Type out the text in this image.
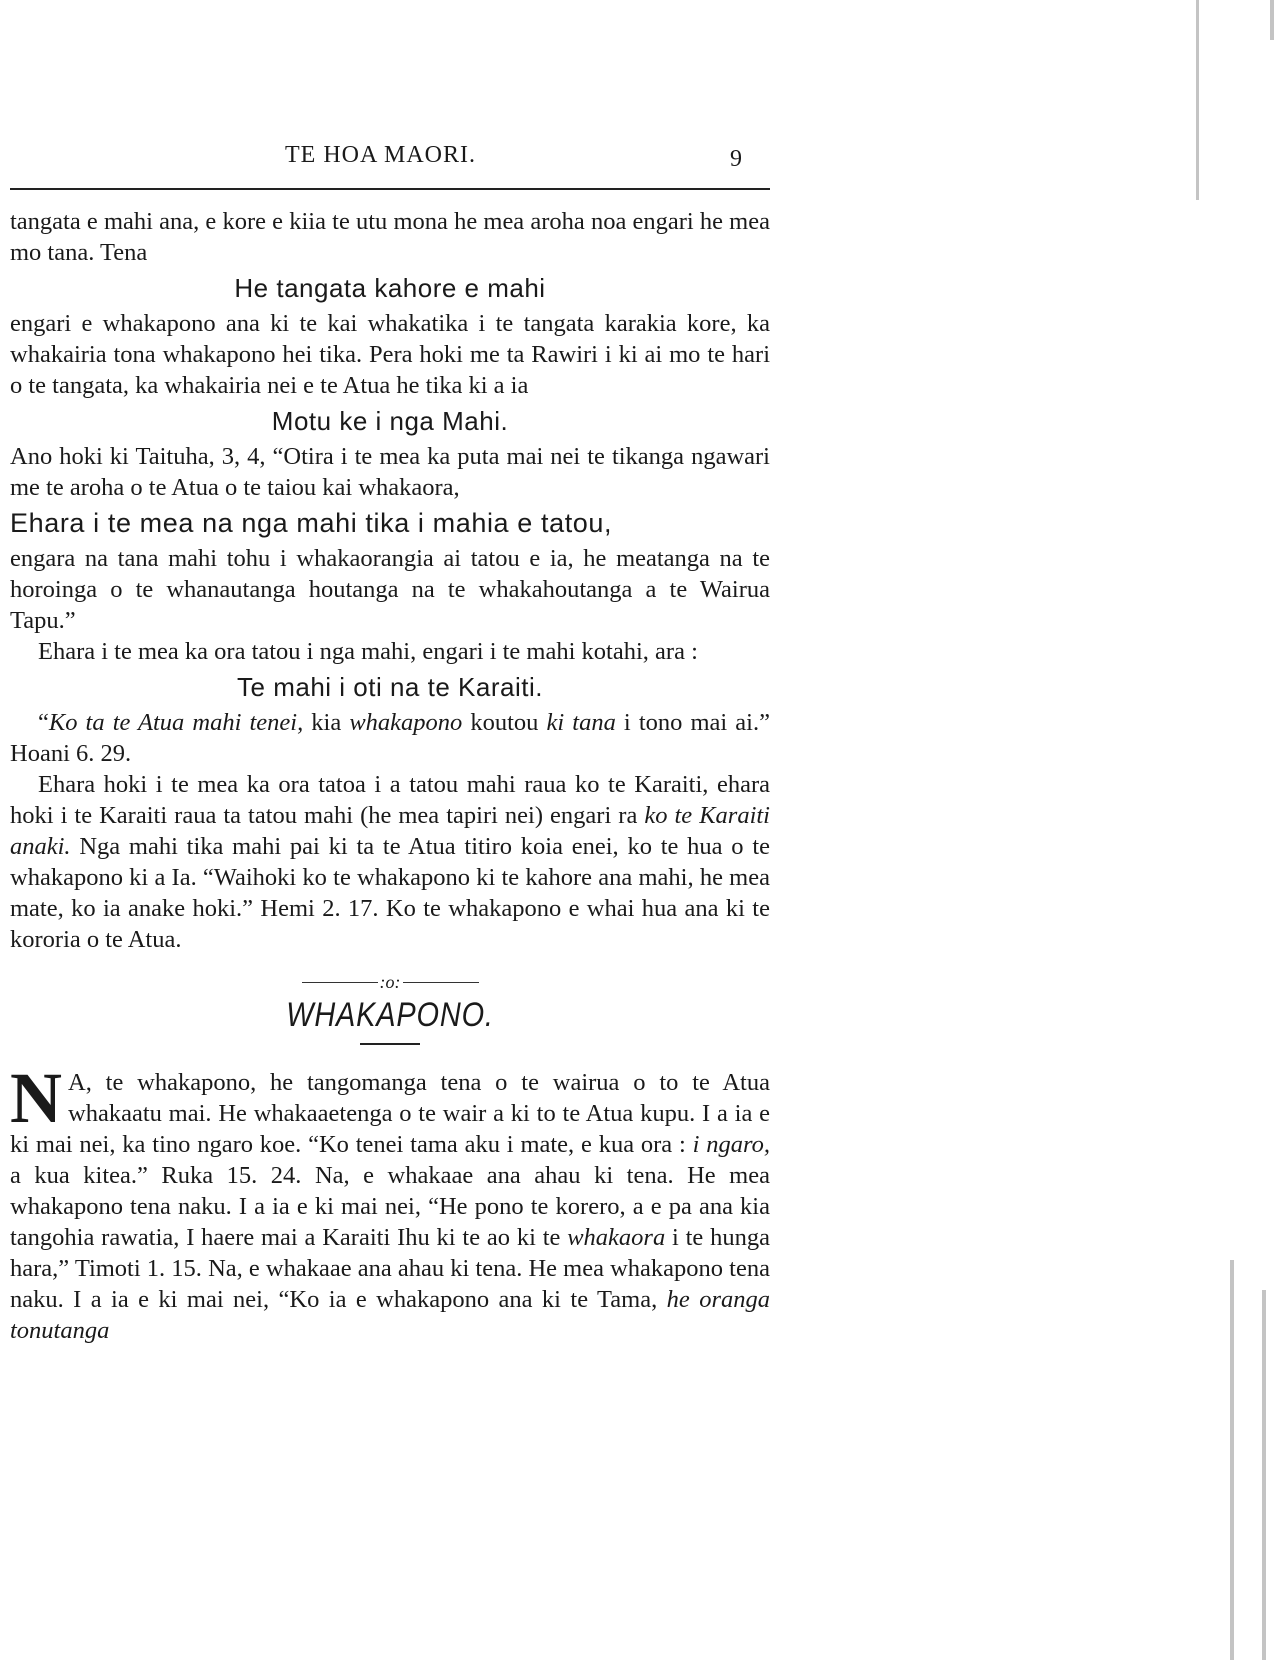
TE HOA MAORI.	9

tangata e mahi ana, e kore e kiia te utu mona he mea aroha noa engari he mea mo tana. Tena

He tangata kahore e mahi

engari e whakapono ana ki te kai whakatika i te tangata karakia kore, ka whakairia tona whakapono hei tika. Pera hoki me ta Rawiri i ki ai mo te hari o te tangata, ka whakairia nei e te Atua he tika ki a ia

Motu ke i nga Mahi.

Ano hoki ki Taituha, 3, 4, “Otira i te mea ka puta mai nei te tikanga ngawari me te aroha o te Atua o te taiou kai whakaora,

Ehara i te mea na nga mahi tika i mahia e tatou,

engara na tana mahi tohu i whakaorangia ai tatou e ia, he meatanga na te horoinga o te whanautanga houtanga na te whakahoutanga a te Wairua Tapu.”

Ehara i te mea ka ora tatou i nga mahi, engari i te mahi kotahi, ara :

Te mahi i oti na te Karaiti.

“Ko ta te Atua mahi tenei, kia whakapono koutou ki tana i tono mai ai.” Hoani 6. 29.

Ehara hoki i te mea ka ora tatoa i a tatou mahi raua ko te Karaiti, ehara hoki i te Karaiti raua ta tatou mahi (he mea tapiri nei) engari ra ko te Karaiti anaki. Nga mahi tika mahi pai ki ta te Atua titiro koia enei, ko te hua o te whakapono ki a Ia. “Waihoki ko te whakapono ki te kahore ana mahi, he mea mate, ko ia anake hoki.” Hemi 2. 17. Ko te whakapono e whai hua ana ki te kororia o te Atua.

:o:
WHAKAPONO.
N A, te whakapono, he tangomanga tena o te wairua o to te Atua whakaatu mai. He whakaaetenga o te wair a ki to te Atua kupu. I a ia e ki mai nei, ka tino ngaro koe. “Ko tenei tama aku i mate, e kua ora : i ngaro, a kua kitea.” Ruka 15. 24. Na, e whakaae ana ahau ki tena. He mea whakapono tena naku. I a ia e ki mai nei, “He pono te korero, a e pa ana kia tangohia rawatia, I haere mai a Karaiti Ihu ki te ao ki te whakaora i te hunga hara,” Timoti 1. 15. Na, e whakaae ana ahau ki tena. He mea whakapono tena naku. I a ia e ki mai nei, “Ko ia e whakapono ana ki te Tama, he oranga tonutanga
